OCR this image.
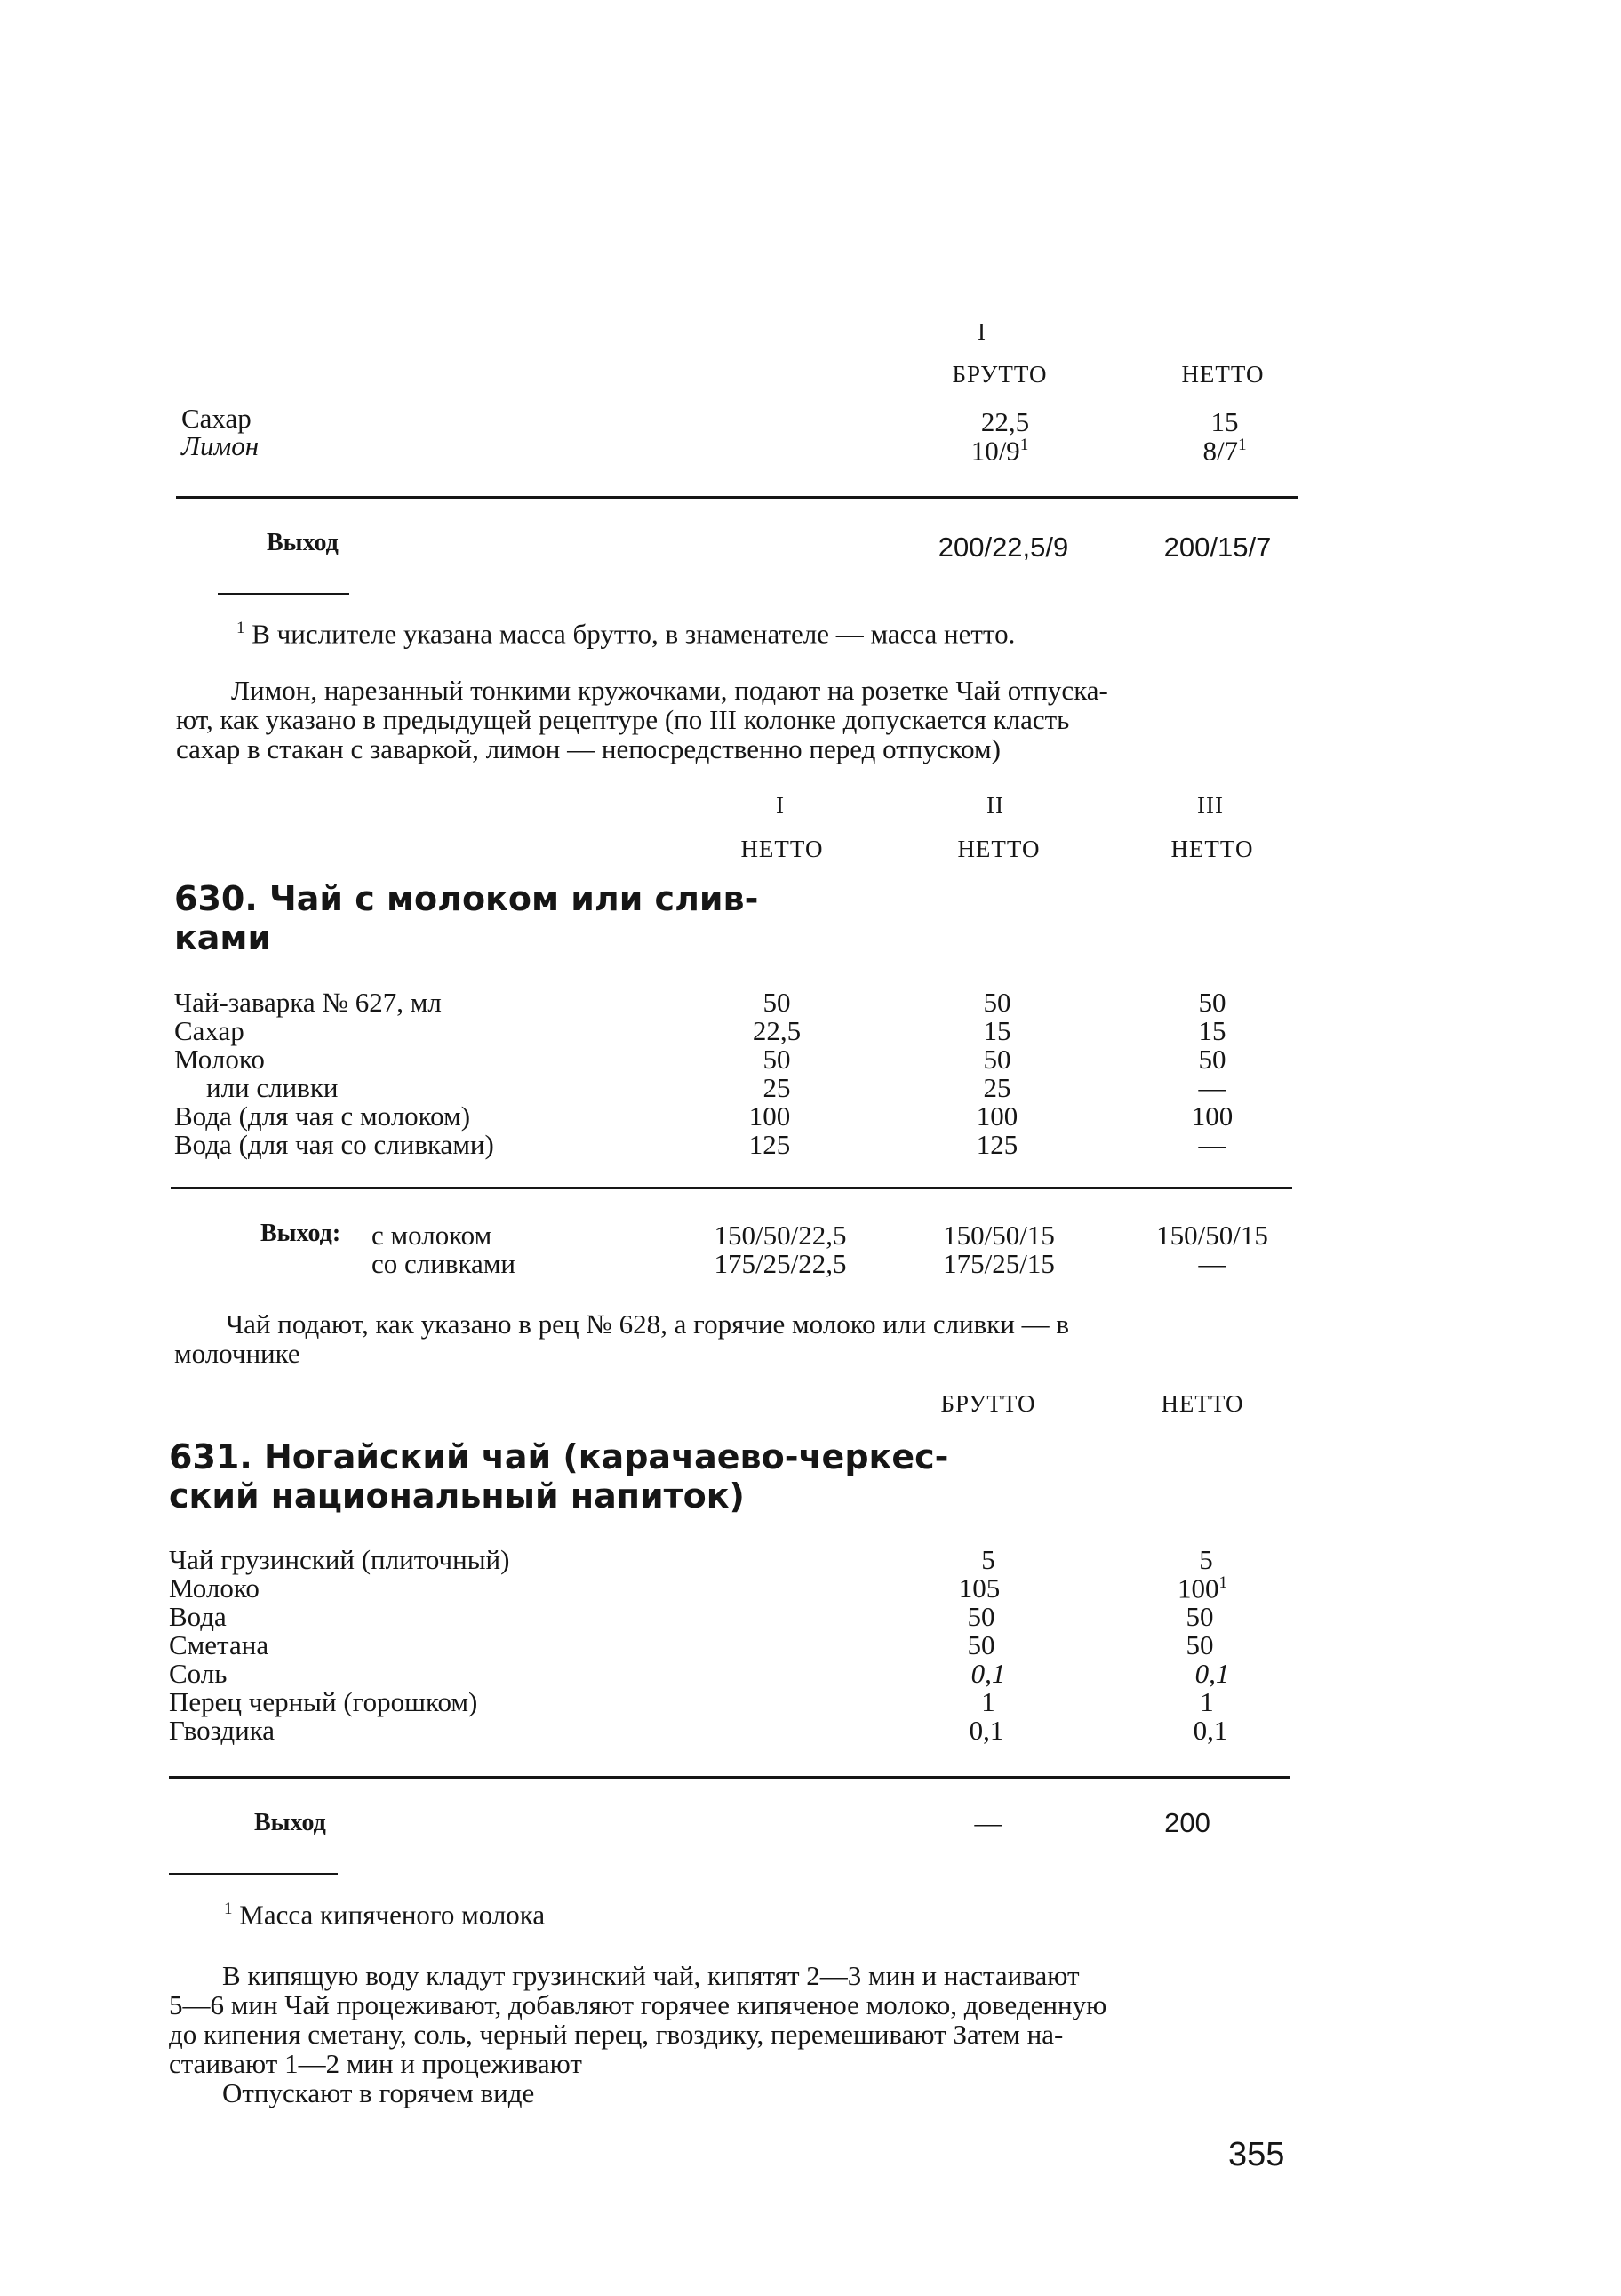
I
БРУТТО	НЕТТО
Сахар	22,5	15
Лимон	$10/9^1$	$8/7^1$
Выход	200/22,5/9	200/15/7
$^1$ В числителе указана масса брутто, в знаменателе — масса нетто.
Лимон, нарезанный тонкими кружочками, подают на розетке Чай отпуска-
ют, как указано в предыдущей рецептуре (по III колонке допускается класть
сахар в стакан с заваркой, лимон — непосредственно перед отпуском)
I	II	III
НЕТТО	НЕТТО	НЕТТО
630. Чай с молоком или слив-
ками
Чай-заварка № 627, мл	50	50	50
Сахар	22,5	15	15
Молоко	50	50	50
или сливки	25	25	—
Вода (для чая с молоком)	100	100	100
Вода (для чая со сливками)	125	125	—
Выход: с молоком	150/50/22,5	150/50/15	150/50/15
со сливками	175/25/22,5	175/25/15	—
Чай подают, как указано в рец № 628, а горячие молоко или сливки — в
молочнике
БРУТТО	НЕТТО
631. Ногайский чай (карачаево-черкес-
ский национальный напиток)
Чай грузинский (плиточный)	5	5
Молоко	105	$100^1$
Вода	50	50
Сметана	50	50
Соль	0,1	0,1
Перец черный (горошком)	1	1
Гвоздика	0,1	0,1
Выход	—	200
$^1$ Масса кипяченого молока
В кипящую воду кладут грузинский чай, кипятят 2—3 мин и настаивают
5—6 мин Чай процеживают, добавляют горячее кипяченое молоко, доведенную
до кипения сметану, соль, черный перец, гвоздику, перемешивают Затем на-
стаивают 1—2 мин и процеживают
Отпускают в горячем виде
355
